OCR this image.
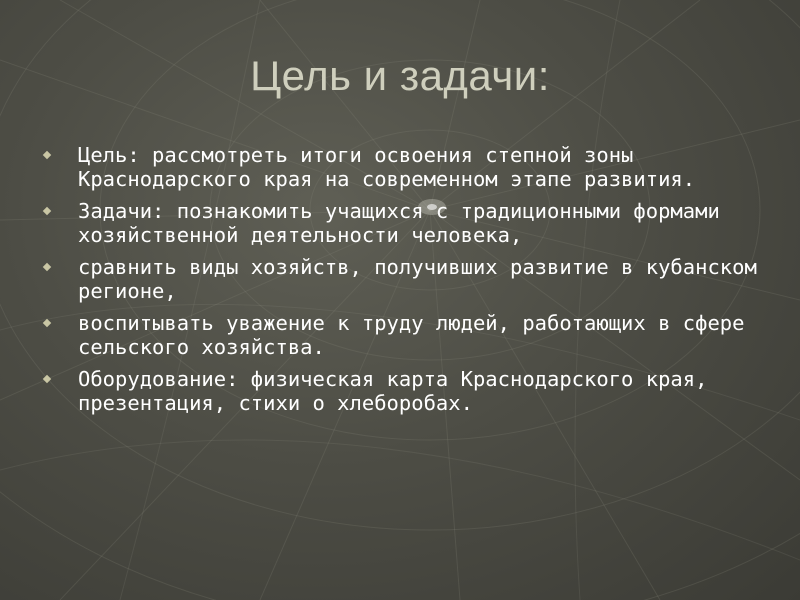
Цель и задачи:
Цель: рассмотреть итоги освоения степной зоны Краснодарского края на современном этапе развития.
Задачи: познакомить учащихся с традиционными формами хозяйственной деятельности человека,
сравнить виды хозяйств, получивших развитие в кубанском регионе,
воспитывать уважение к труду людей, работающих в сфере сельского хозяйства.
Оборудование: физическая карта Краснодарского края, презентация, стихи о хлеборобах.
